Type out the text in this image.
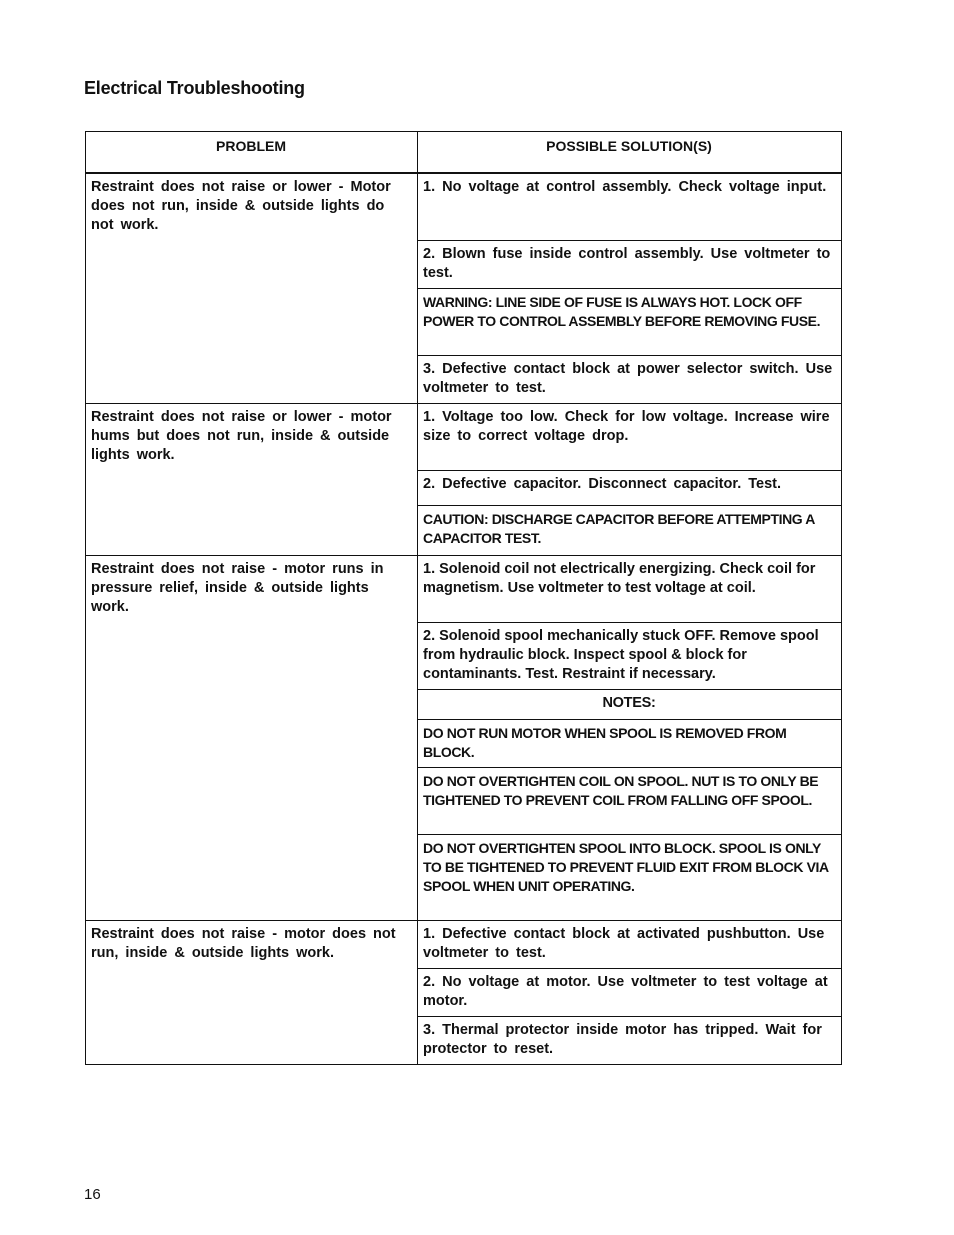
Electrical Troubleshooting
PROBLEM	POSSIBLE SOLUTION(S)
Restraint does not raise or lower - Motor does not run, inside & outside lights do not work.	1. No voltage at control assembly. Check voltage input.
	2. Blown fuse inside control assembly. Use voltmeter to test.
	WARNING: LINE SIDE OF FUSE IS ALWAYS HOT. LOCK OFF POWER TO CONTROL ASSEMBLY BEFORE REMOVING FUSE.
	3. Defective contact block at power selector switch. Use voltmeter to test.
Restraint does not raise or lower - motor hums but does not run, inside & outside lights work.	1. Voltage too low. Check for low voltage. Increase wire size to correct voltage drop.
	2. Defective capacitor. Disconnect capacitor. Test.
	CAUTION: DISCHARGE CAPACITOR BEFORE ATTEMPTING A CAPACITOR TEST.
Restraint does not raise - motor runs in pressure relief, inside & outside lights work.	1. Solenoid coil not electrically energizing. Check coil for magnetism. Use voltmeter to test voltage at coil.
	2. Solenoid spool mechanically stuck OFF. Remove spool from hydraulic block. Inspect spool & block for contaminants. Test. Restraint if necessary.
	NOTES:
	DO NOT RUN MOTOR WHEN SPOOL IS REMOVED FROM BLOCK.
	DO NOT OVERTIGHTEN COIL ON SPOOL. NUT IS TO ONLY BE TIGHTENED TO PREVENT COIL FROM FALLING OFF SPOOL.
	DO NOT OVERTIGHTEN SPOOL INTO BLOCK. SPOOL IS ONLY TO BE TIGHTENED TO PREVENT FLUID EXIT FROM BLOCK VIA SPOOL WHEN UNIT OPERATING.
Restraint does not raise - motor does not run, inside & outside lights work.	1. Defective contact block at activated pushbutton. Use voltmeter to test.
	2. No voltage at motor. Use voltmeter to test voltage at motor.
	3. Thermal protector inside motor has tripped. Wait for protector to reset.
16
